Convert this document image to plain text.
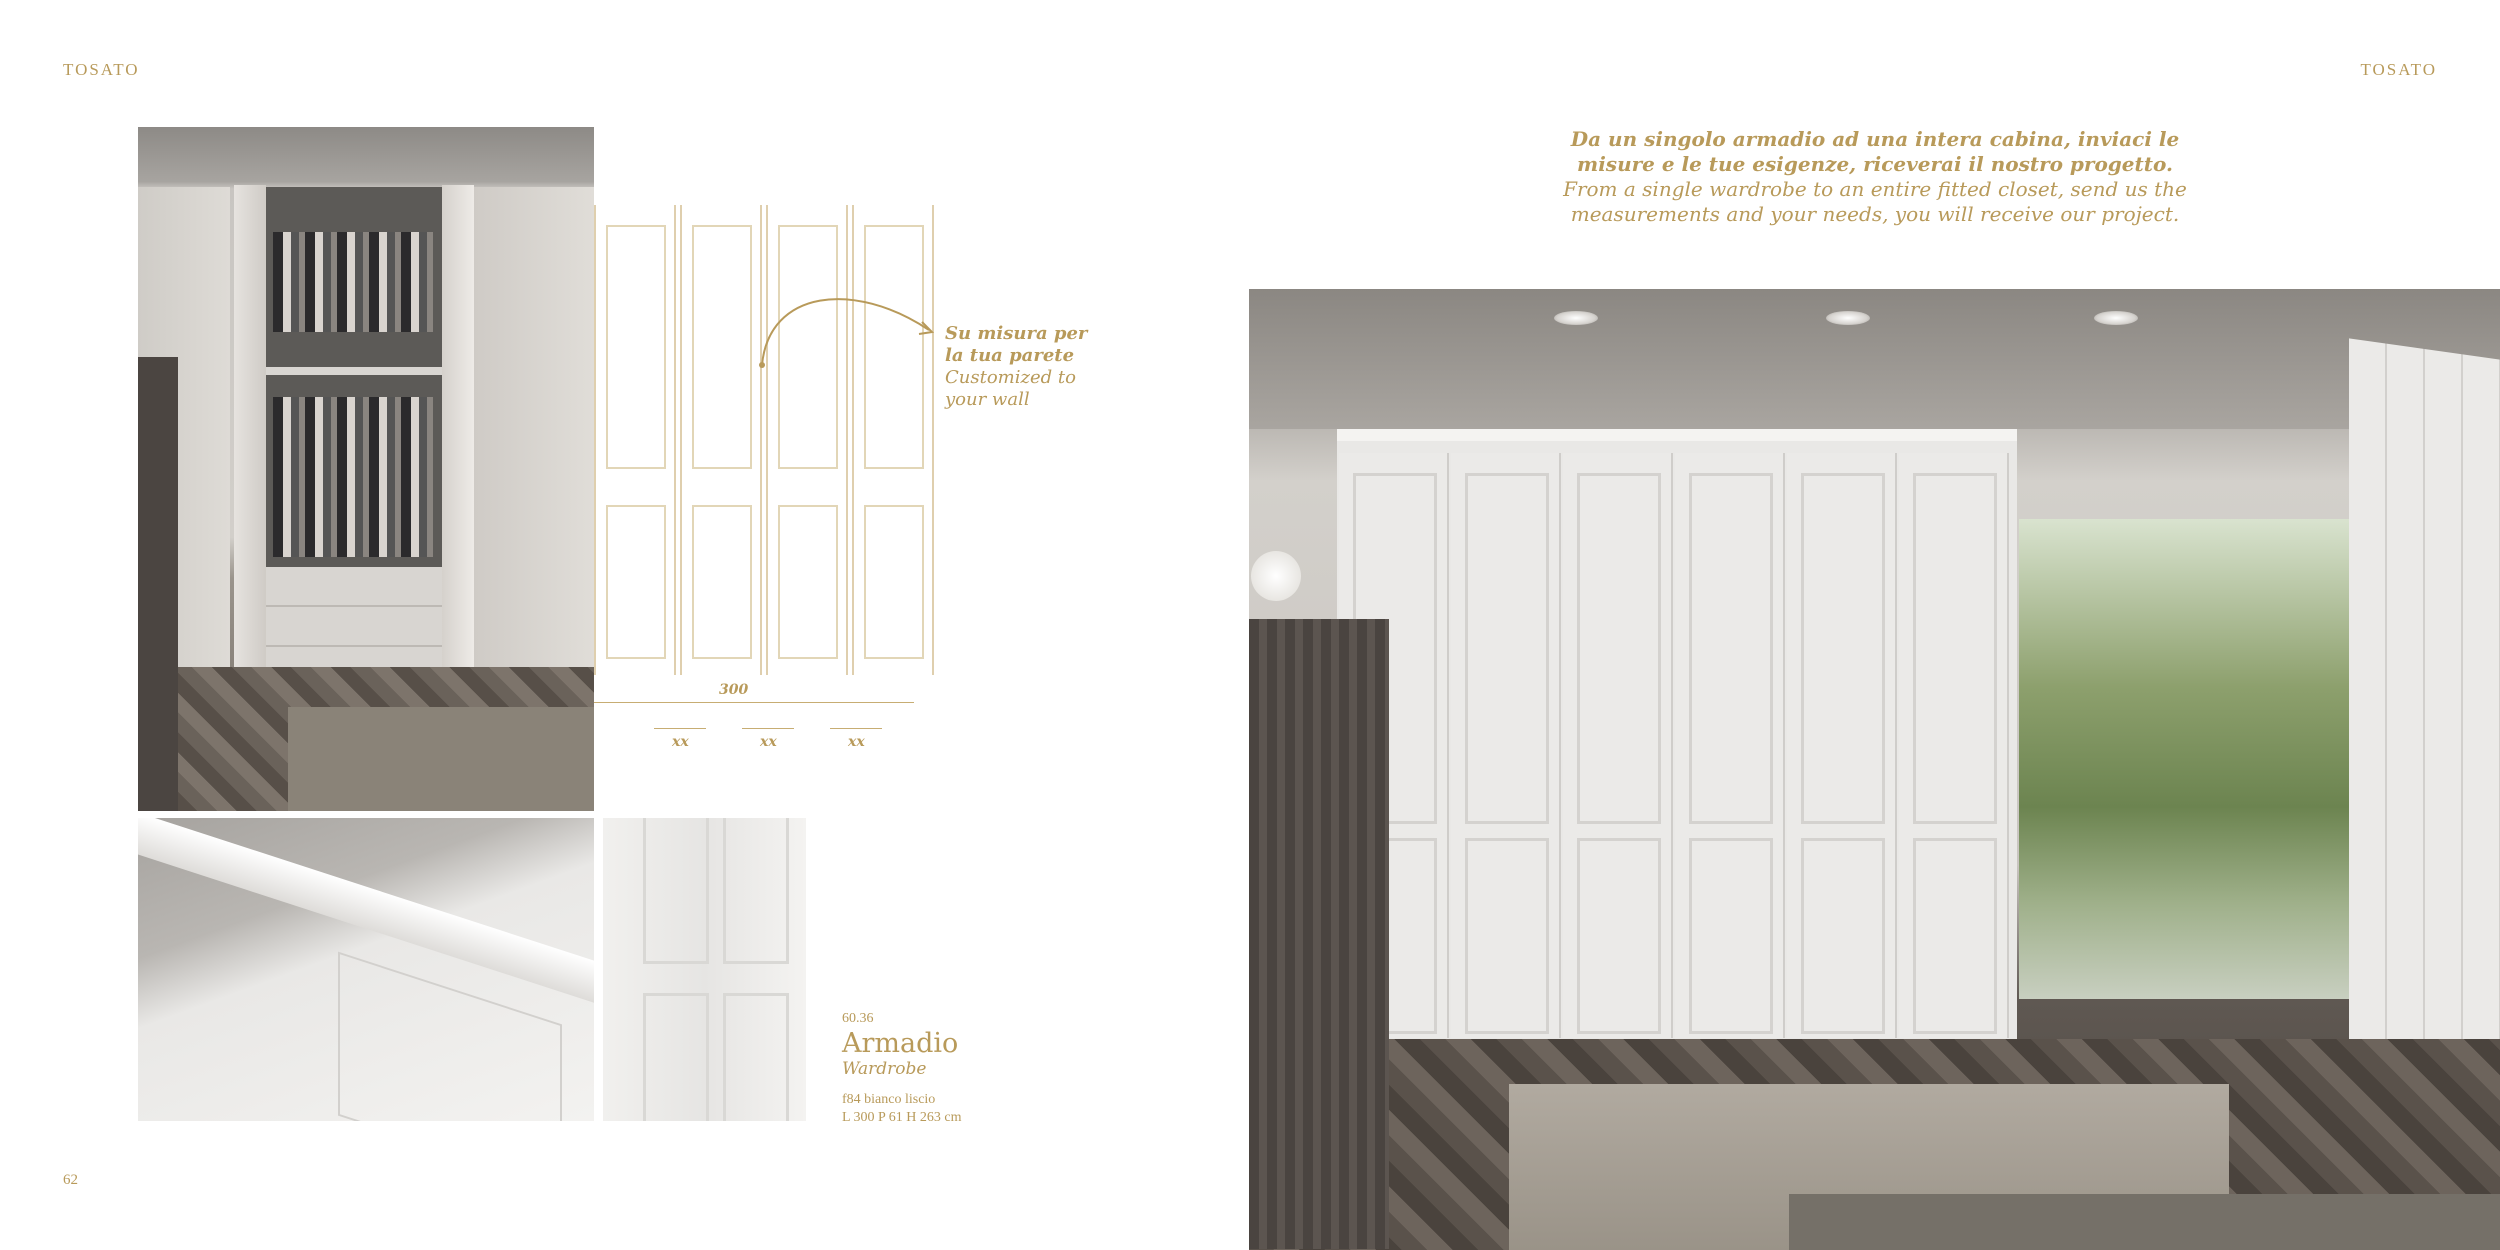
TOSATO	TOSATO
300
xx	xx	xx
Su misura per la tua parete
Customized to your wall
60.36
Armadio
Wardrobe
f84 bianco liscio
L 300 P 61 H 263 cm
62
Da un singolo armadio ad una intera cabina, inviaci le misure e le tue esigenze, riceverai il nostro progetto.
From a single wardrobe to an entire fitted closet, send us the measurements and your needs, you will receive our project.
